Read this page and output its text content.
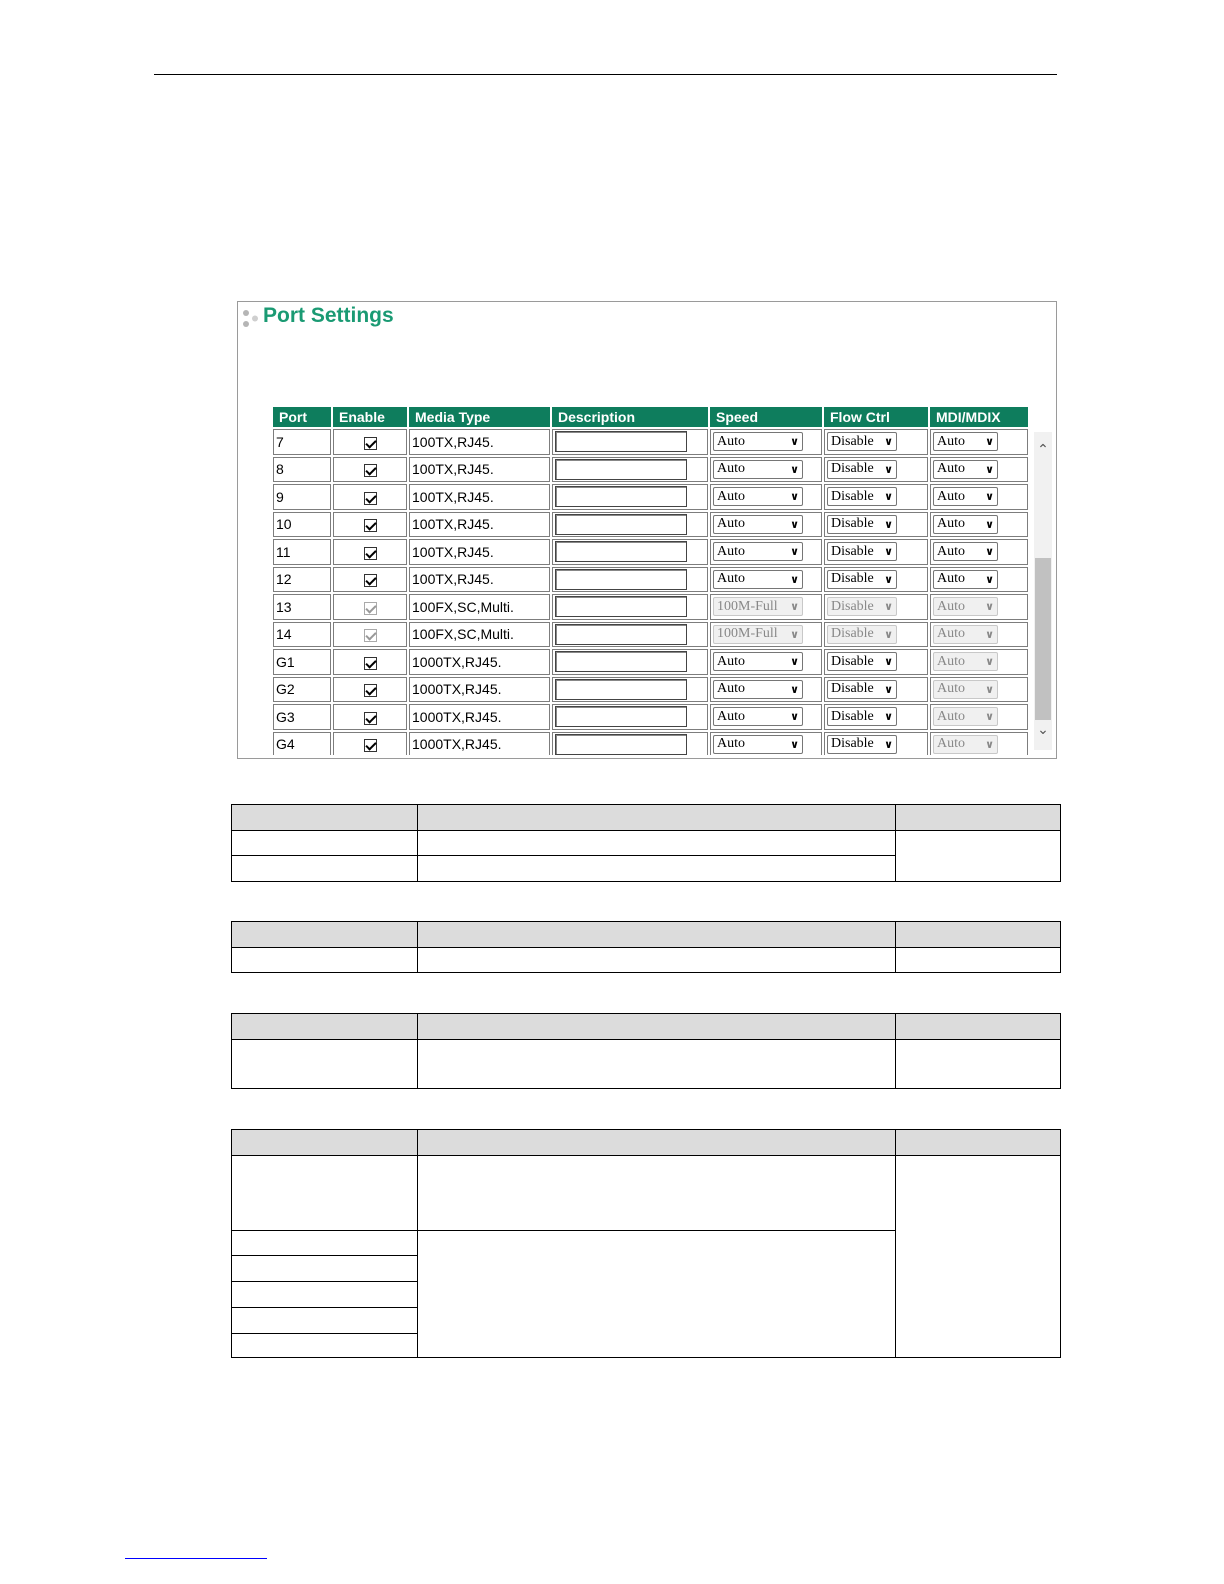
Port Settings
Port	Enable	Media Type	Description	Speed	Flow Ctrl	MDI/MDIX
7		100TX,RJ45.		Auto ∨	Disable ∨	Auto ∨

8		100TX,RJ45.		Auto ∨	Disable ∨	Auto ∨

9		100TX,RJ45.		Auto ∨	Disable ∨	Auto ∨

10		100TX,RJ45.		Auto ∨	Disable ∨	Auto ∨

11		100TX,RJ45.		Auto ∨	Disable ∨	Auto ∨

12		100TX,RJ45.		Auto ∨	Disable ∨	Auto ∨

13		100FX,SC,Multi.		100M-Full ∨	Disable ∨	Auto ∨

14		100FX,SC,Multi.		100M-Full ∨	Disable ∨	Auto ∨

G1		1000TX,RJ45.		Auto ∨	Disable ∨	Auto ∨

G2		1000TX,RJ45.		Auto ∨	Disable ∨	Auto ∨

G3		1000TX,RJ45.		Auto ∨	Disable ∨	Auto ∨

G4		1000TX,RJ45.		Auto ∨	Disable ∨	Auto ∨
⌃
⌄
